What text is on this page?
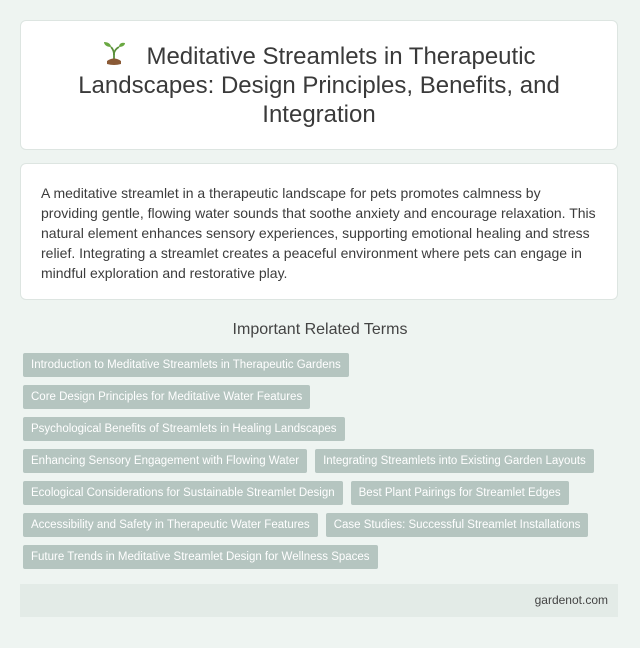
Meditative Streamlets in Therapeutic Landscapes: Design Principles, Benefits, and Integration

A meditative streamlet in a therapeutic landscape for pets promotes calmness by providing gentle, flowing water sounds that soothe anxiety and encourage relaxation. This natural element enhances sensory experiences, supporting emotional healing and stress relief. Integrating a streamlet creates a peaceful environment where pets can engage in mindful exploration and restorative play.

Important Related Terms
Introduction to Meditative Streamlets in Therapeutic Gardens
Core Design Principles for Meditative Water Features
Psychological Benefits of Streamlets in Healing Landscapes
Enhancing Sensory Engagement with Flowing Water	Integrating Streamlets into Existing Garden Layouts
Ecological Considerations for Sustainable Streamlet Design	Best Plant Pairings for Streamlet Edges
Accessibility and Safety in Therapeutic Water Features	Case Studies: Successful Streamlet Installations
Future Trends in Meditative Streamlet Design for Wellness Spaces
gardenot.com
